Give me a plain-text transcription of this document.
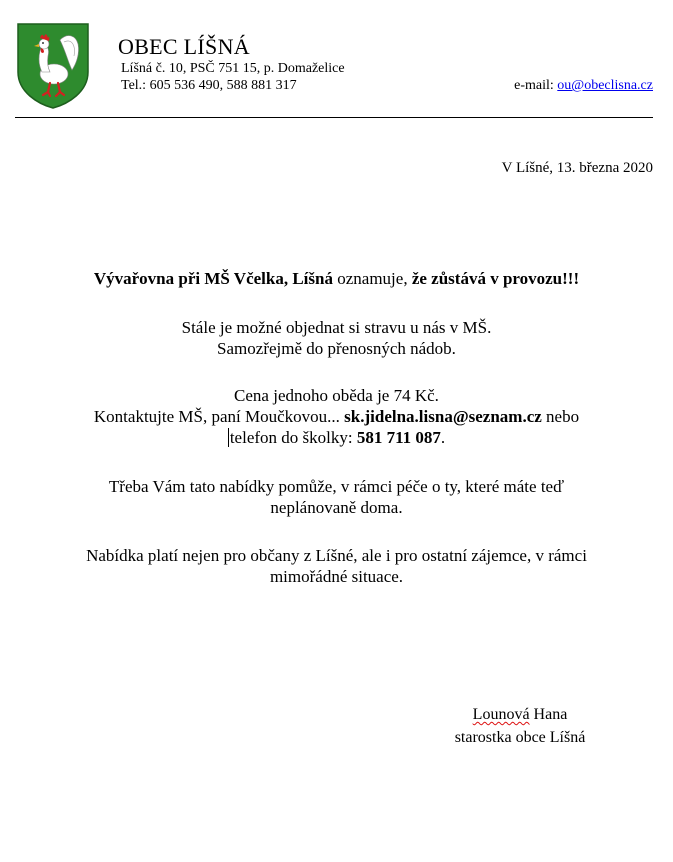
OBEC LÍŠNÁ
Líšná č. 10, PSČ 751 15, p. Domaželice
Tel.: 605 536 490, 588 881 317	e-mail: ou@obeclisna.cz
V Líšné, 13. března 2020
Vývařovna při MŠ Včelka, Líšná oznamuje, že zůstává v provozu!!!
Stále je možné objednat si stravu u nás v MŠ.
Samozřejmě do přenosných nádob.
Cena jednoho oběda je 74 Kč.
Kontaktujte MŠ, paní Moučkovou... sk.jidelna.lisna@seznam.cz nebo
telefon do školky: 581 711 087.
Třeba Vám tato nabídky pomůže, v rámci péče o ty, které máte teď
neplánovaně doma.
Nabídka platí nejen pro občany z Líšné, ale i pro ostatní zájemce, v rámci
mimořádné situace.
Lounová Hana
starostka obce Líšná
